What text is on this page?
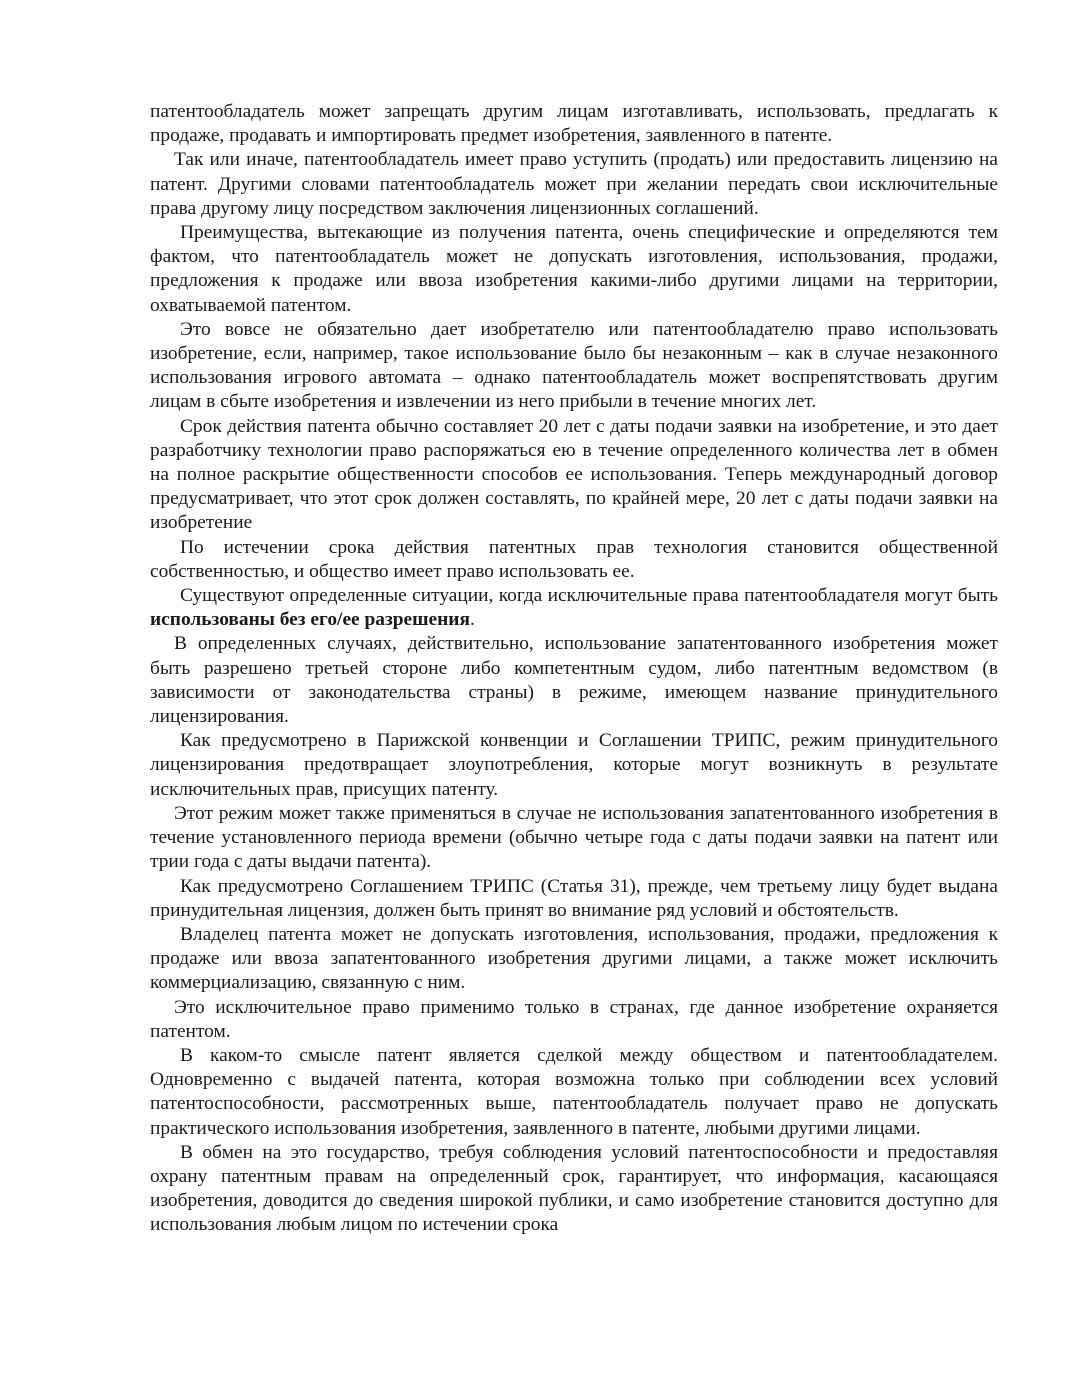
патентообладатель может запрещать другим лицам изготавливать, использовать, предлагать к продаже, продавать и импортировать предмет изобретения, заявленного в патенте.

Так или иначе, патентообладатель имеет право уступить (продать) или предоставить лицензию на патент. Другими словами патентообладатель может при желании передать свои исключительные права другому лицу посредством заключения лицензионных соглашений.

Преимущества, вытекающие из получения патента, очень специфические и определяются тем фактом, что патентообладатель может не допускать изготовления, использования, продажи, предложения к продаже или ввоза изобретения какими-либо другими лицами на территории, охватываемой патентом.

Это вовсе не обязательно дает изобретателю или патентообладателю право использовать изобретение, если, например, такое использование было бы незаконным – как в случае незаконного использования игрового автомата – однако патентообладатель может воспрепятствовать другим лицам в сбыте изобретения и извлечении из него прибыли в течение многих лет.

Срок действия патента обычно составляет 20 лет с даты подачи заявки на изобретение, и это дает разработчику технологии право распоряжаться ею в течение определенного количества лет в обмен на полное раскрытие общественности способов ее использования. Теперь международный договор предусматривает, что этот срок должен составлять, по крайней мере, 20 лет с даты подачи заявки на изобретение

По истечении срока действия патентных прав технология становится общественной собственностью, и общество имеет право использовать ее.

Существуют определенные ситуации, когда исключительные права патентообладателя могут быть использованы без его/ее разрешения.

В определенных случаях, действительно, использование запатентованного изобретения может быть разрешено третьей стороне либо компетентным судом, либо патентным ведомством (в зависимости от законодательства страны) в режиме, имеющем название принудительного лицензирования.

Как предусмотрено в Парижской конвенции и Соглашении ТРИПС, режим принудительного лицензирования предотвращает злоупотребления, которые могут возникнуть в результате исключительных прав, присущих патенту.

Этот режим может также применяться в случае не использования запатентованного изобретения в течение установленного периода времени (обычно четыре года с даты подачи заявки на патент или трии года с даты выдачи патента).

Как предусмотрено Соглашением ТРИПС (Статья 31), прежде, чем третьему лицу будет выдана принудительная лицензия, должен быть принят во внимание ряд условий и обстоятельств.

Владелец патента может не допускать изготовления, использования, продажи, предложения к продаже или ввоза запатентованного изобретения другими лицами, а также может исключить коммерциализацию, связанную с ним.

Это исключительное право применимо только в странах, где данное изобретение охраняется патентом.

В каком-то смысле патент является сделкой между обществом и патентообладателем. Одновременно с выдачей патента, которая возможна только при соблюдении всех условий патентоспособности, рассмотренных выше, патентообладатель получает право не допускать практического использования изобретения, заявленного в патенте, любыми другими лицами.

В обмен на это государство, требуя соблюдения условий патентоспособности и предоставляя охрану патентным правам на определенный срок, гарантирует, что информация, касающаяся изобретения, доводится до сведения широкой публики, и само изобретение становится доступно для использования любым лицом по истечении срока
